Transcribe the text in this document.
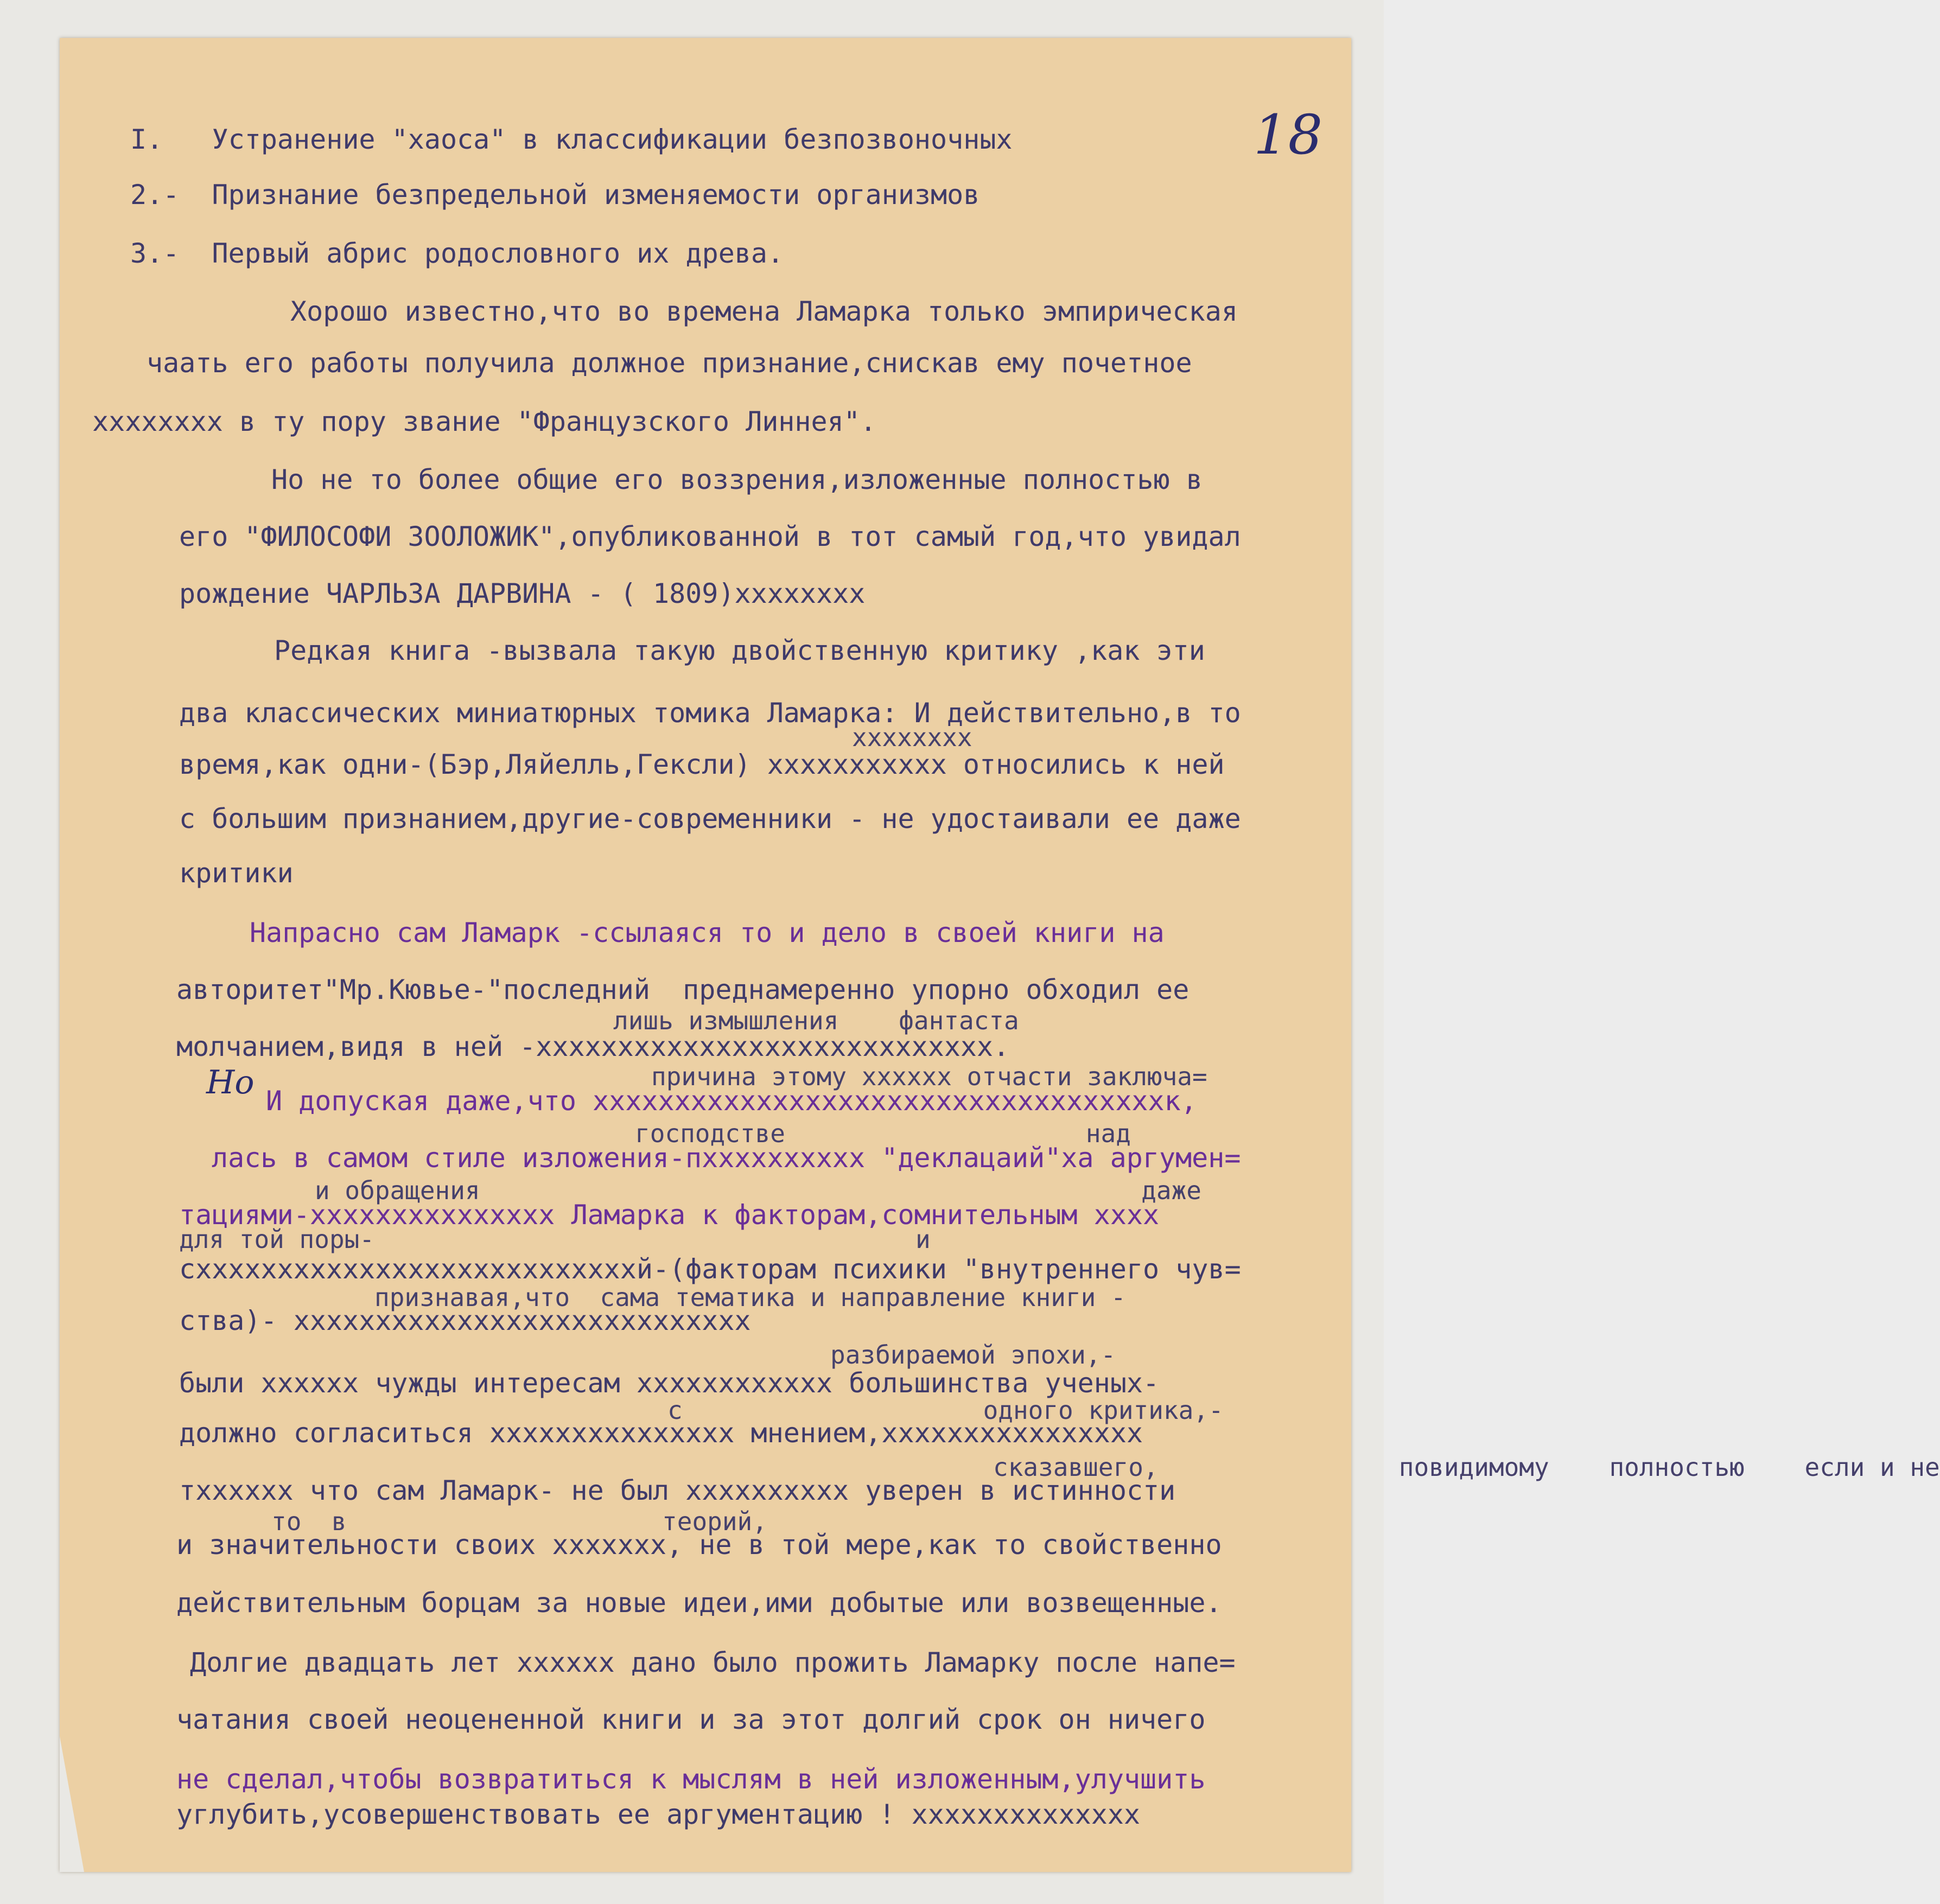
18
Но
I.   Устранение "хаоса" в классификации безпозвоночных
2.-  Признание безпредельной изменяемости организмов
3.-  Первый абрис родословного их древа.
Хорошо известно,что во времена Ламарка только эмпирическая
чаать его работы получила должное признание,снискав ему почетное
хххххххх в ту пору звание "Французского Линнея".
Но не то более общие его воззрения,изложенные полностью в
его "ФИЛОСОФИ ЗООЛОЖИК",опубликованной в тот самый год,что увидал
рождение ЧАРЛЬЗА ДАРВИНА - ( 1809)хххххххх
Редкая книга -вызвала такую двойственную критику ,как эти
два классических миниатюрных томика Ламарка: И действительно,в то
хххххххх
время,как одни-(Бэр,Ляйелль,Гексли) ххххххххххх относились к ней
с большим признанием,другие-современники - не удостаивали ее даже
критики
Напрасно сам Ламарк -ссылаяся то и дело в своей книги на
авторитет"Мр.Кювье-"последний  преднамеренно упорно обходил ее
лишь измышления    фантаста
молчанием,видя в ней -хххххххххххххххххххххххххххх.
причина этому хххххх отчасти заключа=
И допуская даже,что хххххххххххххххххххххххххххххххххххк,
господстве                    над
лась в самом стиле изложения-пхххххххххх "деклацаий"ха аргумен=
и обращения                                            даже
тациями-ххххххххххххххх Ламарка к факторам,сомнительным хххх
для той поры-                                    и
схххххххххххххххххххххххххххй-(факторам психики "внутреннего чув=
признавая,что  сама тематика и направление книги -
ства)- хххххххххххххххххххххххххххх
разбираемой эпохи,-
были хххххх чужды интересам хххххххххххх большинства ученых-
с                    одного критика,-
должно согласиться ххххххххххххххх мнением,хххххххххххххххх
сказавшего,                повидимому    полностью    если и не
тхххххх что сам Ламарк- не был хххххххххх уверен в истинности
то  в                     теорий,
и значительности своих ххххххх, не в той мере,как то свойственно
действительным борцам за новые идеи,ими добытые или возвещенные.
Долгие двадцать лет хххххх дано было прожить Ламарку после напе=
чатания своей неоцененной книги и за этот долгий срок он ничего
не сделал,чтобы возвратиться к мыслям в ней изложенным,улучшить
углубить,усовершенствовать ее аргументацию ! хххххххххххххх
